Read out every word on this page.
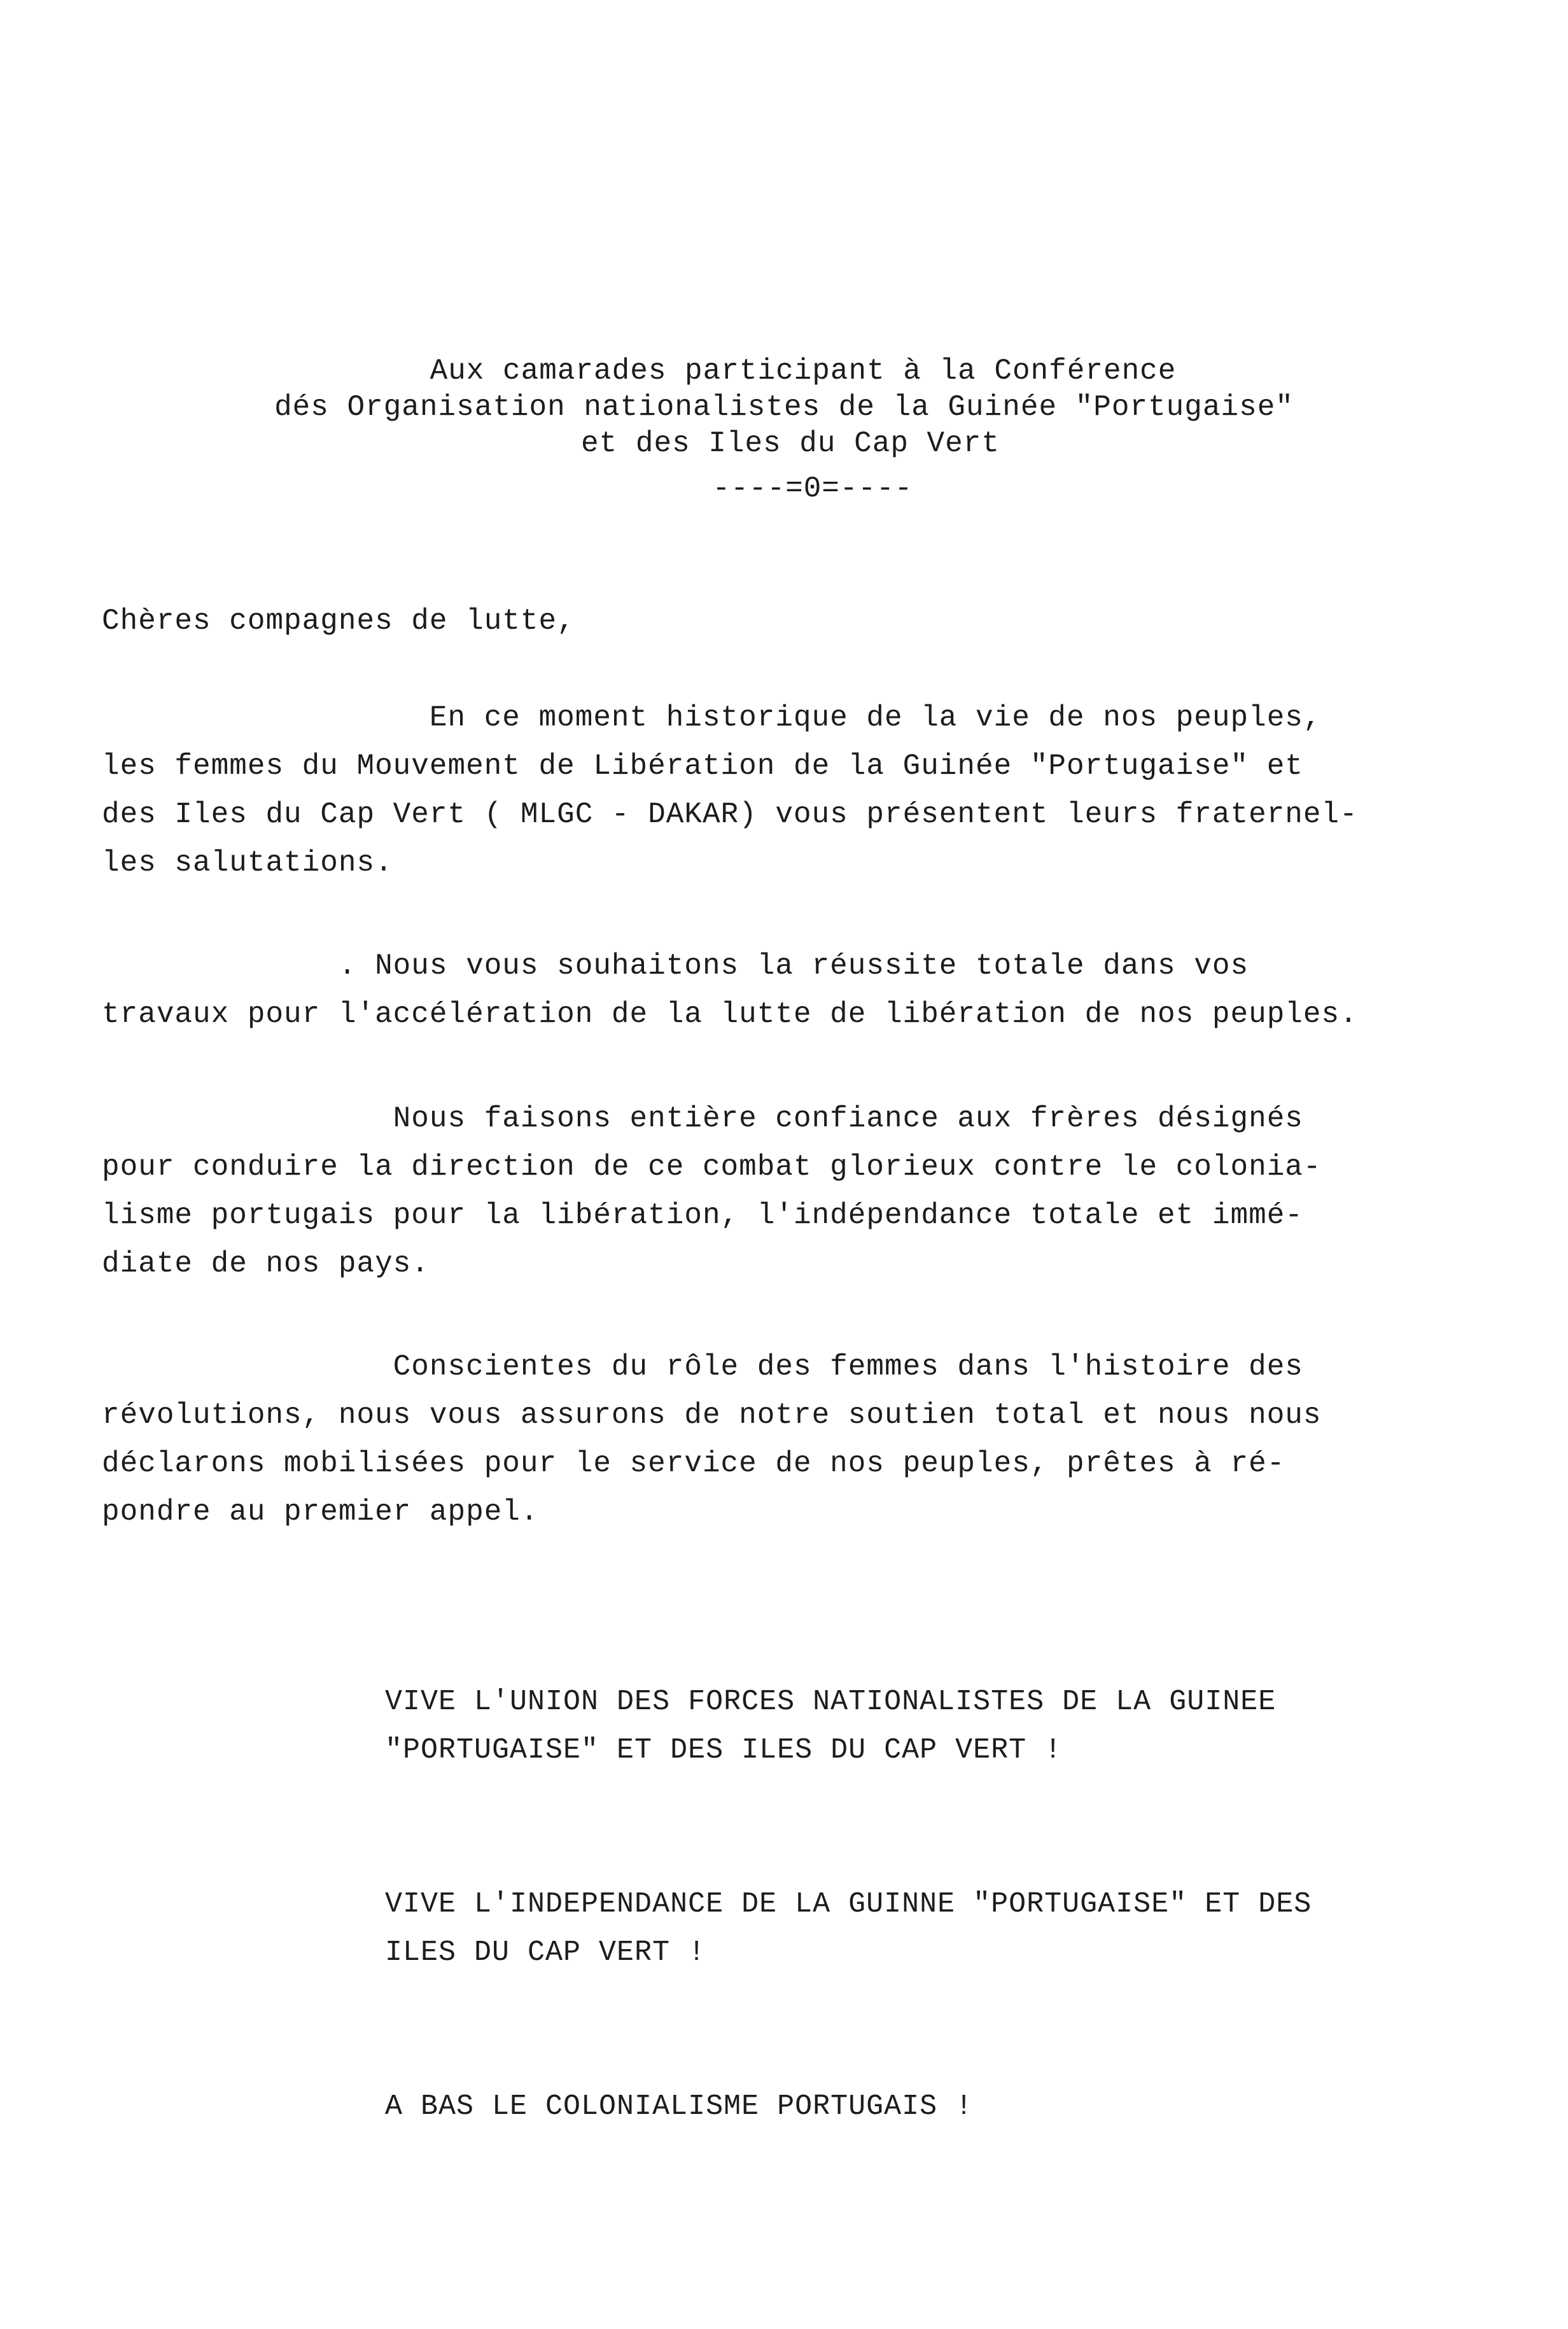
Aux camarades participant à la Conférence
dés Organisation nationalistes de la Guinée "Portugaise"
et des Iles du Cap Vert
----=0=----

Chères compagnes de lutte,

En ce moment historique de la vie de nos peuples,
les femmes du Mouvement de Libération de la Guinée "Portugaise" et
des Iles du Cap Vert ( MLGC - DAKAR) vous présentent leurs fraternel-
les salutations.

. Nous vous souhaitons la réussite totale dans vos
travaux pour l'accélération de la lutte de libération de nos peuples.

Nous faisons entière confiance aux frères désignés
pour conduire la direction de ce combat glorieux contre le colonia-
lisme portugais pour la libération, l'indépendance totale et immé-
diate de nos pays.

Conscientes du rôle des femmes dans l'histoire des
révolutions, nous vous assurons de notre soutien total et nous nous
déclarons mobilisées pour le service de nos peuples, prêtes à ré-
pondre au premier appel.

VIVE L'UNION DES FORCES NATIONALISTES DE LA GUINEE
"PORTUGAISE" ET DES ILES DU CAP VERT !

VIVE L'INDEPENDANCE DE LA GUINNE "PORTUGAISE" ET DES
ILES DU CAP VERT !

A BAS LE COLONIALISME PORTUGAIS !
